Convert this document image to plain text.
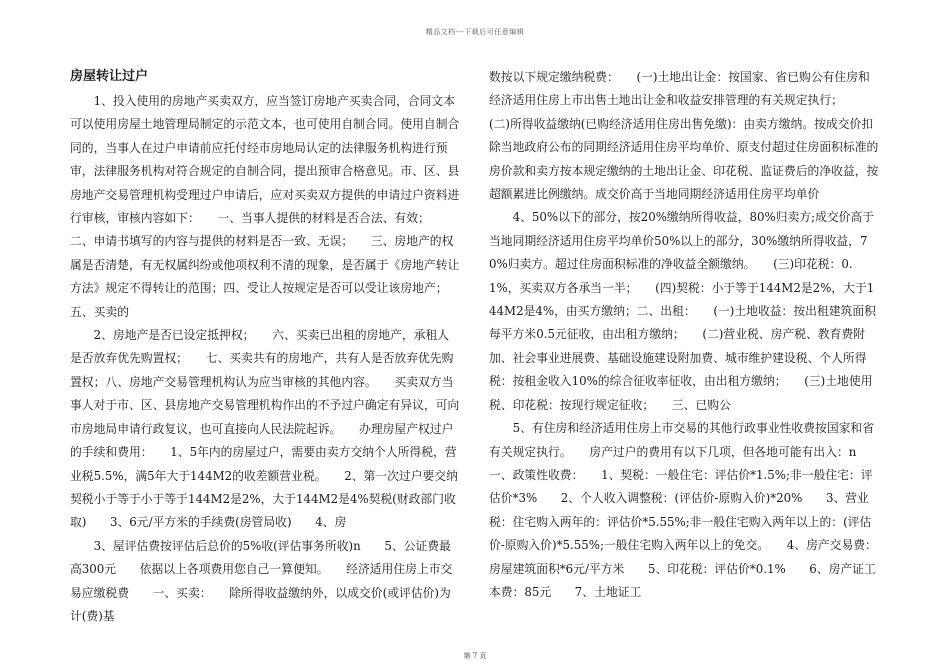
精品文档---下载后可任意编辑
房屋转让过户

1、投入使用的房地产买卖双方，应当签订房地产买卖合同，合同文本可以使用房屋土地管理局制定的示范文本，也可使用自制合同。使用自制合同的，当事人在过户申请前应托付经市房地局认定的法律服务机构进行预审，法律服务机构对符合规定的自制合同，提出预审合格意见。市、区、县房地产交易管理机构受理过户申请后，应对买卖双方提供的申请过户资料进行审核，审核内容如下：　　一、当事人提供的材料是否合法、有效；　　二、申请书填写的内容与提供的材料是否一致、无误；　　三、房地产的权属是否清楚，有无权属纠纷或他项权利不清的现象，是否属于《房地产转让方法》规定不得转让的范围；四、受让人按规定是否可以受让该房地产；　　五、买卖的

2、房地产是否已设定抵押权；　　六、买卖已出租的房地产，承租人是否放弃优先购置权；　　七、买卖共有的房地产，共有人是否放弃优先购置权；八、房地产交易管理机构认为应当审核的其他内容。　　买卖双方当事人对于市、区、县房地产交易管理机构作出的不予过户确定有异议，可向市房地局申请行政复议，也可直接向人民法院起诉。　　办理房屋产权过户的手续和费用：　　1、5年内的房屋过户，需要由卖方交纳个人所得税，营业税5.5%，满5年大于144M2的收差额营业税。　　2、第一次过户要交纳契税小于等于小于等于144M2是2%，大于144M2是4%契税(财政部门收取)　　3、6元/平方米的手续费(房管局收)　　4、房

3、屋评估费按评估后总价的5%收(评估事务所收)n　　5、公证费最高300元　　依据以上各项费用您自己一算便知。　　经济适用住房上市交易应缴税费　　一、买卖：　　除所得收益缴纳外，以成交价(或评估价)为计(费)基

数按以下规定缴纳税费：　　(一)土地出让金：按国家、省已购公有住房和经济适用住房上市出售土地出让金和收益安排管理的有关规定执行；　　(二)所得收益缴纳(已购经济适用住房出售免缴)：由卖方缴纳。按成交价扣除当地政府公布的同期经济适用住房平均单价、原支付超过住房面积标准的房价款和卖方按本规定缴纳的土地出让金、印花税、监证费后的净收益，按超额累进比例缴纳。成交价高于当地同期经济适用住房平均单价

4、50%以下的部分，按20%缴纳所得收益，80%归卖方;成交价高于当地同期经济适用住房平均单价50%以上的部分，30%缴纳所得收益，70%归卖方。超过住房面积标准的净收益全额缴纳。　　(三)印花税：0.1%，买卖双方各承当一半；　　(四)契税：小于等于144M2是2%，大于144M2是4%，由买方缴纳；二、出租：　　(一)土地收益：按出租建筑面积每平方米0.5元征收，由出租方缴纳；　　(二)营业税、房产税、教育费附加、社会事业进展费、基础设施建设附加费、城市维护建设税、个人所得税：按租金收入10%的综合征收率征收，由出租方缴纳；　　(三)土地使用税、印花税：按现行规定征收；　　三、已购公

5、有住房和经济适用住房上市交易的其他行政事业性收费按国家和省有关规定执行。　　房产过户的费用有以下几项，但各地可能有出入：n　　一、政策性收费：　　1、契税：一般住宅：评估价*1.5%;非一般住宅：评估价*3%　　2、个人收入调整税：(评估价-原购入价)*20%　　3、营业税：住宅购入两年的：评估价*5.55%;非一般住宅购入两年以上的：(评估价-原购入价)*5.55%;一般住宅购入两年以上的免交。　　4、房产交易费：房屋建筑面积*6元/平方米　　5、印花税：评估价*0.1%　　6、房产证工本费：85元　　7、土地证工

第 7 页
